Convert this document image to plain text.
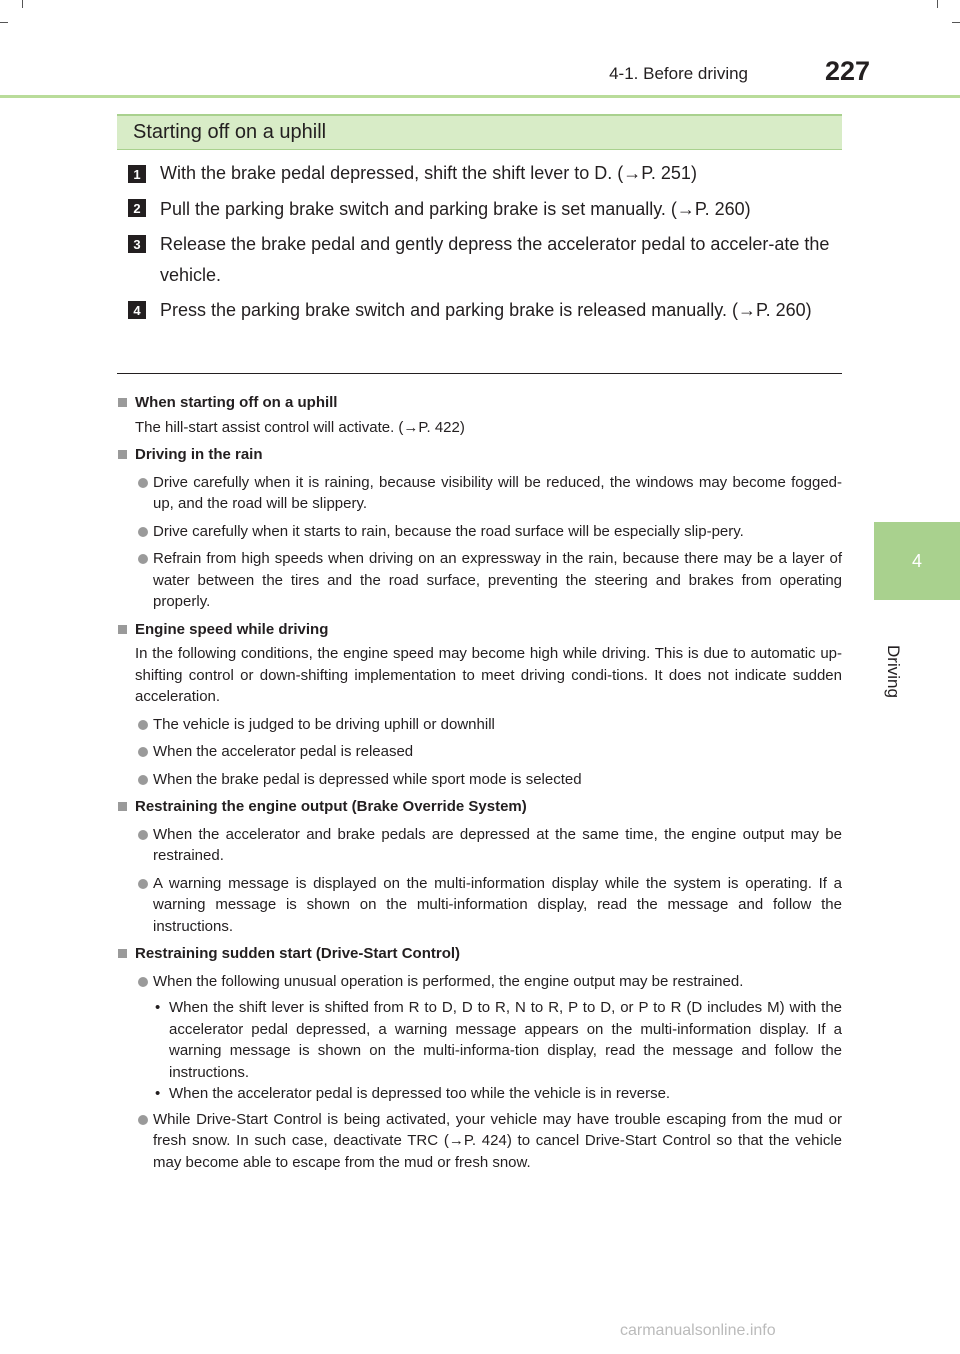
4-1. Before driving	227
4
Driving
Starting off on a uphill
1 With the brake pedal depressed, shift the shift lever to D. (→P. 251)
2 Pull the parking brake switch and parking brake is set manually. (→P. 260)
3 Release the brake pedal and gently depress the accelerator pedal to acceler-ate the vehicle.
4 Press the parking brake switch and parking brake is released manually. (→P. 260)
When starting off on a uphill
The hill-start assist control will activate. (→P. 422)
Driving in the rain
Drive carefully when it is raining, because visibility will be reduced, the windows may become fogged-up, and the road will be slippery.
Drive carefully when it starts to rain, because the road surface will be especially slip-pery.
Refrain from high speeds when driving on an expressway in the rain, because there may be a layer of water between the tires and the road surface, preventing the steering and brakes from operating properly.
Engine speed while driving
In the following conditions, the engine speed may become high while driving. This is due to automatic up-shifting control or down-shifting implementation to meet driving condi-tions. It does not indicate sudden acceleration.
The vehicle is judged to be driving uphill or downhill
When the accelerator pedal is released
When the brake pedal is depressed while sport mode is selected
Restraining the engine output (Brake Override System)
When the accelerator and brake pedals are depressed at the same time, the engine output may be restrained.
A warning message is displayed on the multi-information display while the system is operating. If a warning message is shown on the multi-information display, read the message and follow the instructions.
Restraining sudden start (Drive-Start Control)
When the following unusual operation is performed, the engine output may be restrained.
• When the shift lever is shifted from R to D, D to R, N to R, P to D, or P to R (D includes M) with the accelerator pedal depressed, a warning message appears on the multi-information display. If a warning message is shown on the multi-informa-tion display, read the message and follow the instructions.
• When the accelerator pedal is depressed too while the vehicle is in reverse.
While Drive-Start Control is being activated, your vehicle may have trouble escaping from the mud or fresh snow. In such case, deactivate TRC (→P. 424) to cancel Drive-Start Control so that the vehicle may become able to escape from the mud or fresh snow.
carmanualsonline.info
